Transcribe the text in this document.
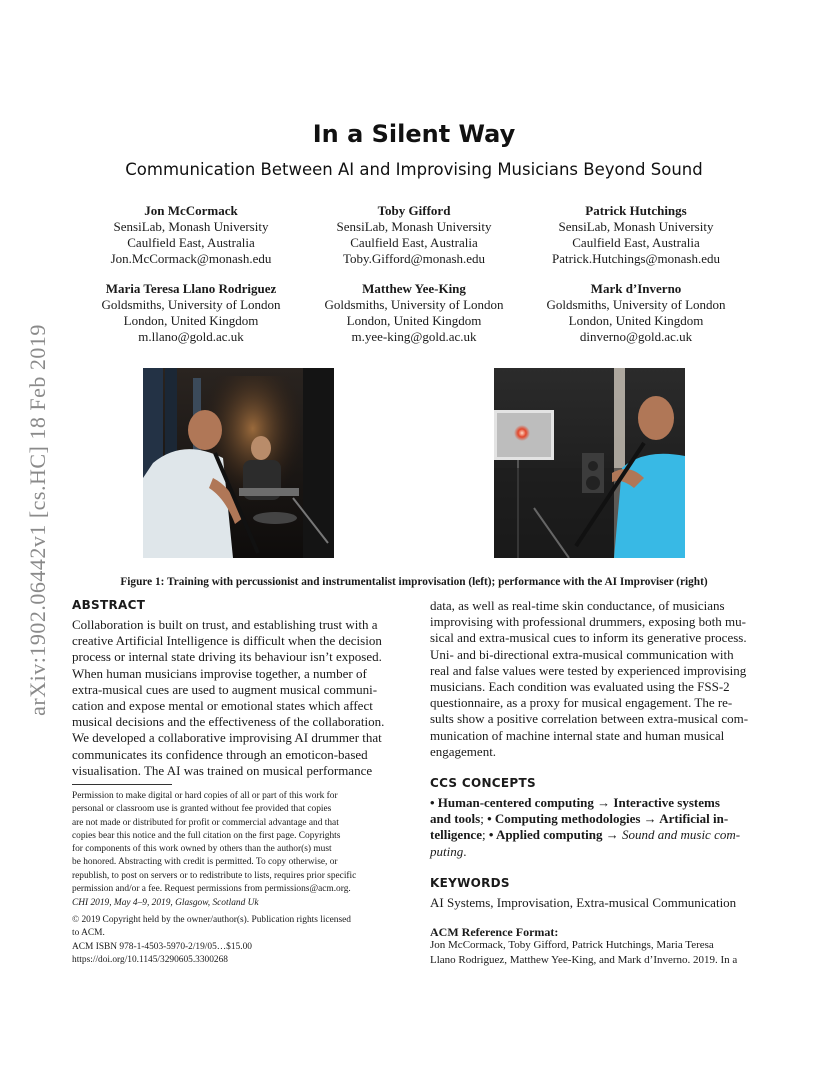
arXiv:1902.06442v1 [cs.HC] 18 Feb 2019
In a Silent Way
Communication Between AI and Improvising Musicians Beyond Sound
Jon McCormack
SensiLab, Monash University
Caulfield East, Australia
Jon.McCormack@monash.edu
Toby Gifford
SensiLab, Monash University
Caulfield East, Australia
Toby.Gifford@monash.edu
Patrick Hutchings
SensiLab, Monash University
Caulfield East, Australia
Patrick.Hutchings@monash.edu
Maria Teresa Llano Rodriguez
Goldsmiths, University of London
London, United Kingdom
m.llano@gold.ac.uk
Matthew Yee-King
Goldsmiths, University of London
London, United Kingdom
m.yee-king@gold.ac.uk
Mark d’Inverno
Goldsmiths, University of London
London, United Kingdom
dinverno@gold.ac.uk
Figure 1: Training with percussionist and instrumentalist improvisation (left); performance with the AI Improviser (right)
ABSTRACT
Collaboration is built on trust, and establishing trust with a
creative Artificial Intelligence is difficult when the decision
process or internal state driving its behaviour isn’t exposed.
When human musicians improvise together, a number of
extra-musical cues are used to augment musical communi-
cation and expose mental or emotional states which affect
musical decisions and the effectiveness of the collaboration.
We developed a collaborative improvising AI drummer that
communicates its confidence through an emoticon-based
visualisation. The AI was trained on musical performance
Permission to make digital or hard copies of all or part of this work for
personal or classroom use is granted without fee provided that copies
are not made or distributed for profit or commercial advantage and that
copies bear this notice and the full citation on the first page. Copyrights
for components of this work owned by others than the author(s) must
be honored. Abstracting with credit is permitted. To copy otherwise, or
republish, to post on servers or to redistribute to lists, requires prior specific
permission and/or a fee. Request permissions from permissions@acm.org.
CHI 2019, May 4–9, 2019, Glasgow, Scotland Uk
© 2019 Copyright held by the owner/author(s). Publication rights licensed
to ACM.
ACM ISBN 978-1-4503-5970-2/19/05…$15.00
https://doi.org/10.1145/3290605.3300268
data, as well as real-time skin conductance, of musicians
improvising with professional drummers, exposing both mu-
sical and extra-musical cues to inform its generative process.
Uni- and bi-directional extra-musical communication with
real and false values were tested by experienced improvising
musicians. Each condition was evaluated using the FSS-2
questionnaire, as a proxy for musical engagement. The re-
sults show a positive correlation between extra-musical com-
munication of machine internal state and human musical
engagement.
CCS CONCEPTS
• Human-centered computing → Interactive systems
and tools; • Computing methodologies → Artificial in-
telligence; • Applied computing → Sound and music com-
puting.
KEYWORDS
AI Systems, Improvisation, Extra-musical Communication
ACM Reference Format:
Jon McCormack, Toby Gifford, Patrick Hutchings, Maria Teresa
Llano Rodriguez, Matthew Yee-King, and Mark d’Inverno. 2019. In a
